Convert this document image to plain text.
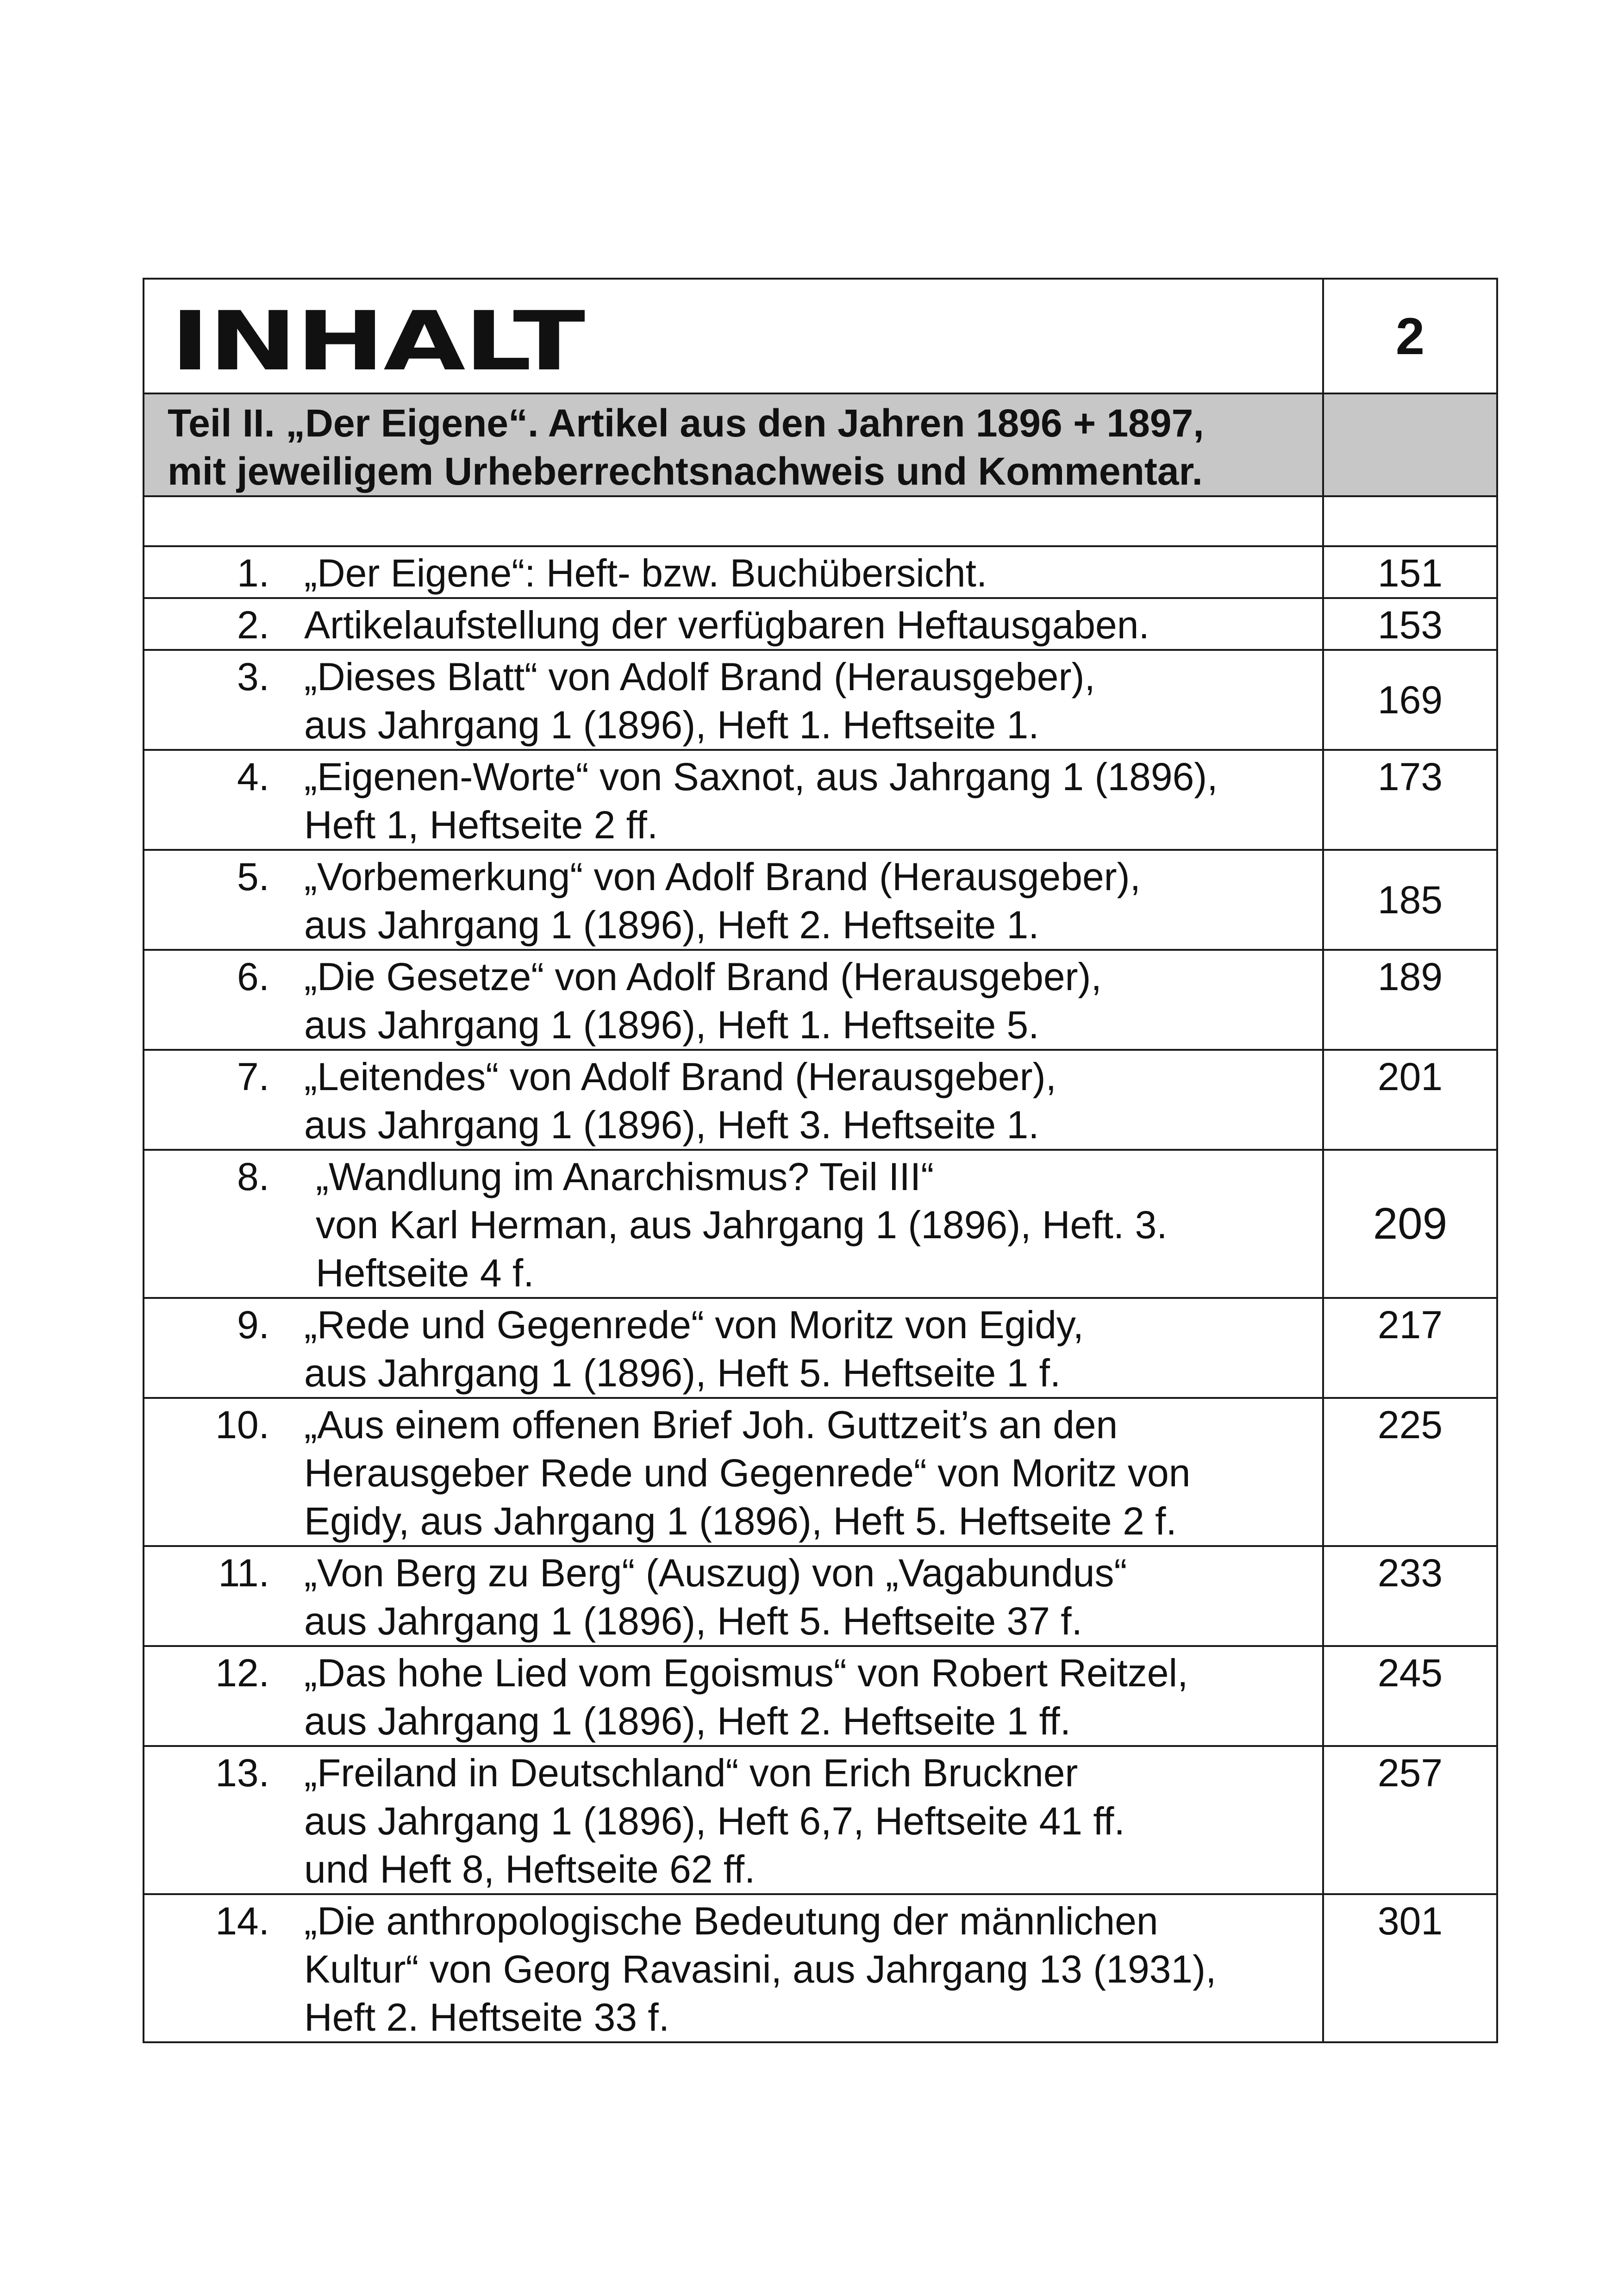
INHALT	2

Teil II. „Der Eigene“. Artikel aus den Jahren 1896 + 1897,
mit jeweiligem Urheberrechtsnachweis und Kommentar.	

1. „Der Eigene“: Heft- bzw. Buchübersicht.	151

2. Artikelaufstellung der verfügbaren Heftausgaben.	153

3. „Dieses Blatt“ von Adolf Brand (Herausgeber),
aus Jahrgang 1 (1896), Heft 1. Heftseite 1.	169

4. „Eigenen-Worte“ von Saxnot, aus Jahrgang 1 (1896),
Heft 1, Heftseite 2 ff.	173

5. „Vorbemerkung“ von Adolf Brand (Herausgeber),
aus Jahrgang 1 (1896), Heft 2. Heftseite 1.	185

6. „Die Gesetze“ von Adolf Brand (Herausgeber),
aus Jahrgang 1 (1896), Heft 1. Heftseite 5.	189

7. „Leitendes“ von Adolf Brand (Herausgeber),
aus Jahrgang 1 (1896), Heft 3. Heftseite 1.	201

8. „Wandlung im Anarchismus? Teil III“
von Karl Herman, aus Jahrgang 1 (1896), Heft. 3.
Heftseite 4 f.	209

9. „Rede und Gegenrede“ von Moritz von Egidy,
aus Jahrgang 1 (1896), Heft 5. Heftseite 1 f.	217

10. „Aus einem offenen Brief Joh. Guttzeit’s an den
Herausgeber Rede und Gegenrede“ von Moritz von
Egidy, aus Jahrgang 1 (1896), Heft 5. Heftseite 2 f.	225

11. „Von Berg zu Berg“ (Auszug) von „Vagabundus“
aus Jahrgang 1 (1896), Heft 5. Heftseite 37 f.	233

12. „Das hohe Lied vom Egoismus“ von Robert Reitzel,
aus Jahrgang 1 (1896), Heft 2. Heftseite 1 ff.	245

13. „Freiland in Deutschland“ von Erich Bruckner
aus Jahrgang 1 (1896), Heft 6,7, Heftseite 41 ff.
und Heft 8, Heftseite 62 ff.	257

14. „Die anthropologische Bedeutung der männlichen
Kultur“ von Georg Ravasini, aus Jahrgang 13 (1931),
Heft 2. Heftseite 33 f.	301
